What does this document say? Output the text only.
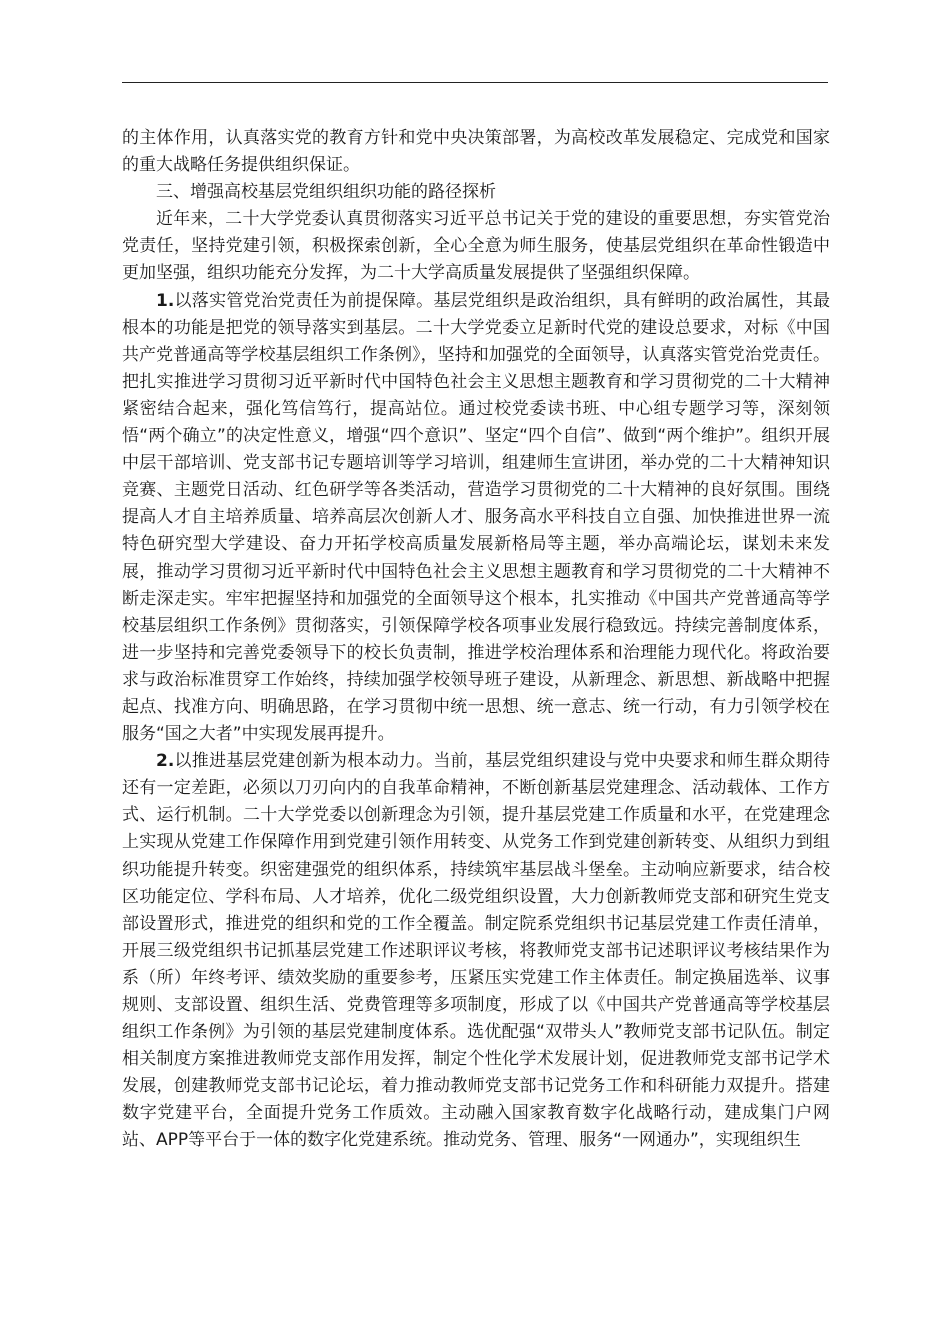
的主体作用，认真落实党的教育方针和党中央决策部署，为高校改革发展稳定、完成党和国家的重大战略任务提供组织保证。

三、增强高校基层党组织组织功能的路径探析

近年来，二十大学党委认真贯彻落实习近平总书记关于党的建设的重要思想，夯实管党治党责任，坚持党建引领，积极探索创新，全心全意为师生服务，使基层党组织在革命性锻造中更加坚强，组织功能充分发挥，为二十大学高质量发展提供了坚强组织保障。

1.以落实管党治党责任为前提保障。基层党组织是政治组织，具有鲜明的政治属性，其最根本的功能是把党的领导落实到基层。二十大学党委立足新时代党的建设总要求，对标《中国共产党普通高等学校基层组织工作条例》，坚持和加强党的全面领导，认真落实管党治党责任。把扎实推进学习贯彻习近平新时代中国特色社会主义思想主题教育和学习贯彻党的二十大精神紧密结合起来，强化笃信笃行，提高站位。通过校党委读书班、中心组专题学习等，深刻领悟“两个确立”的决定性意义，增强“四个意识”、坚定“四个自信”、做到“两个维护”。组织开展中层干部培训、党支部书记专题培训等学习培训，组建师生宣讲团，举办党的二十大精神知识竞赛、主题党日活动、红色研学等各类活动，营造学习贯彻党的二十大精神的良好氛围。围绕提高人才自主培养质量、培养高层次创新人才、服务高水平科技自立自强、加快推进世界一流特色研究型大学建设、奋力开拓学校高质量发展新格局等主题，举办高端论坛，谋划未来发展，推动学习贯彻习近平新时代中国特色社会主义思想主题教育和学习贯彻党的二十大精神不断走深走实。牢牢把握坚持和加强党的全面领导这个根本，扎实推动《中国共产党普通高等学校基层组织工作条例》贯彻落实，引领保障学校各项事业发展行稳致远。持续完善制度体系，进一步坚持和完善党委领导下的校长负责制，推进学校治理体系和治理能力现代化。将政治要求与政治标准贯穿工作始终，持续加强学校领导班子建设，从新理念、新思想、新战略中把握起点、找准方向、明确思路，在学习贯彻中统一思想、统一意志、统一行动，有力引领学校在服务“国之大者”中实现发展再提升。

2.以推进基层党建创新为根本动力。当前，基层党组织建设与党中央要求和师生群众期待还有一定差距，必须以刀刃向内的自我革命精神，不断创新基层党建理念、活动载体、工作方式、运行机制。二十大学党委以创新理念为引领，提升基层党建工作质量和水平，在党建理念上实现从党建工作保障作用到党建引领作用转变、从党务工作到党建创新转变、从组织力到组织功能提升转变。织密建强党的组织体系，持续筑牢基层战斗堡垒。主动响应新要求，结合校区功能定位、学科布局、人才培养，优化二级党组织设置，大力创新教师党支部和研究生党支部设置形式，推进党的组织和党的工作全覆盖。制定院系党组织书记基层党建工作责任清单，开展三级党组织书记抓基层党建工作述职评议考核，将教师党支部书记述职评议考核结果作为系（所）年终考评、绩效奖励的重要参考，压紧压实党建工作主体责任。制定换届选举、议事规则、支部设置、组织生活、党费管理等多项制度，形成了以《中国共产党普通高等学校基层组织工作条例》为引领的基层党建制度体系。选优配强“双带头人”教师党支部书记队伍。制定相关制度方案推进教师党支部作用发挥，制定个性化学术发展计划，促进教师党支部书记学术发展，创建教师党支部书记论坛，着力推动教师党支部书记党务工作和科研能力双提升。搭建数字党建平台，全面提升党务工作质效。主动融入国家教育数字化战略行动，建成集门户网站、APP等平台于一体的数字化党建系统。推动党务、管理、服务“一网通办”，实现组织生
